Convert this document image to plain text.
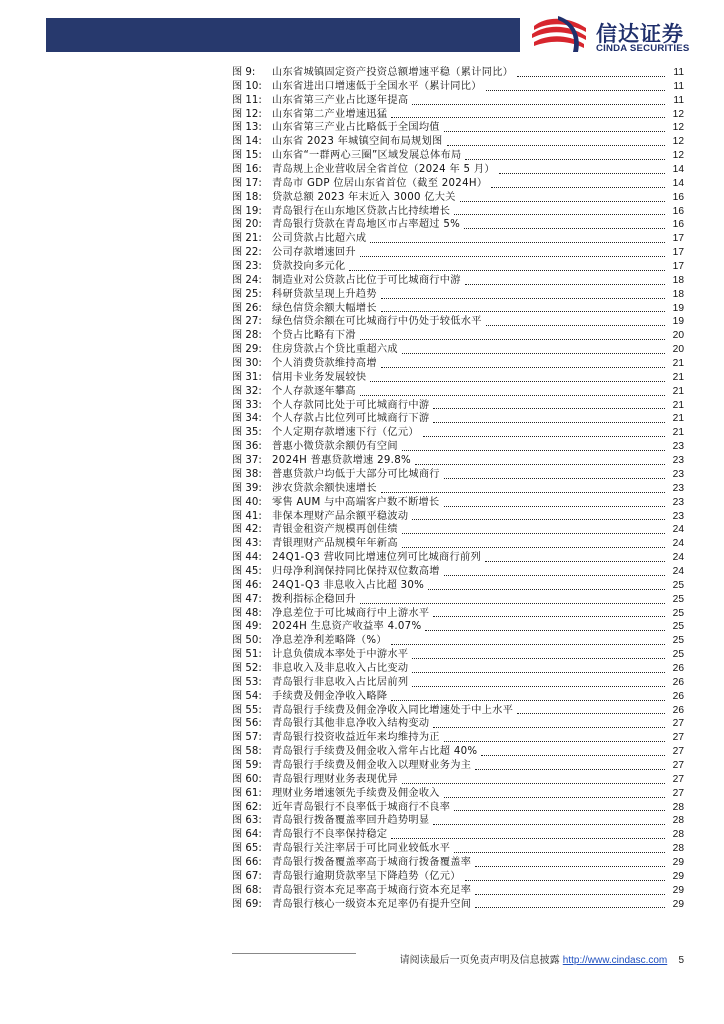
信达证券
CINDA SECURITIES
图 9: 山东省城镇固定资产投资总额增速平稳（累计同比）	11
图 10: 山东省进出口增速低于全国水平（累计同比）	11
图 11: 山东省第三产业占比逐年提高	11
图 12: 山东省第二产业增速迅猛	12
图 13: 山东省第三产业占比略低于全国均值	12
图 14: 山东省 2023 年城镇空间布局规划图	12
图 15: 山东省“一群两心三圈”区域发展总体布局	12
图 16: 青岛规上企业营收居全省首位（2024 年 5 月）	14
图 17: 青岛市 GDP 位居山东省首位（截至 2024H）	14
图 18: 贷款总额 2023 年末近入 3000 亿大关	16
图 19: 青岛银行在山东地区贷款占比持续增长	16
图 20: 青岛银行贷款在青岛地区市占率超过 5%	16
图 21: 公司贷款占比超六成	17
图 22: 公司存款增速回升	17
图 23: 贷款投向多元化	17
图 24: 制造业对公贷款占比位于可比城商行中游	18
图 25: 科研贷款呈现上升趋势	18
图 26: 绿色信贷余额大幅增长	19
图 27: 绿色信贷余额在可比城商行中仍处于较低水平	19
图 28: 个贷占比略有下滑	20
图 29: 住房贷款占个贷比重超六成	20
图 30: 个人消费贷款维持高增	21
图 31: 信用卡业务发展较快	21
图 32: 个人存款逐年攀高	21
图 33: 个人存款同比处于可比城商行中游	21
图 34: 个人存款占比位列可比城商行下游	21
图 35: 个人定期存款增速下行（亿元）	21
图 36: 普惠小微贷款余额仍有空间	23
图 37: 2024H 普惠贷款增速 29.8%	23
图 38: 普惠贷款户均低于大部分可比城商行	23
图 39: 涉农贷款余额快速增长	23
图 40: 零售 AUM 与中高端客户数不断增长	23
图 41: 非保本理财产品余额平稳波动	23
图 42: 青银金租资产规模再创佳绩	24
图 43: 青银理财产品规模年年新高	24
图 44: 24Q1-Q3 营收同比增速位列可比城商行前列	24
图 45: 归母净利润保持同比保持双位数高增	24
图 46: 24Q1-Q3 非息收入占比超 30%	25
图 47: 拨利指标企稳回升	25
图 48: 净息差位于可比城商行中上游水平	25
图 49: 2024H 生息资产收益率 4.07%	25
图 50: 净息差净利差略降（%）	25
图 51: 计息负债成本率处于中游水平	25
图 52: 非息收入及非息收入占比变动	26
图 53: 青岛银行非息收入占比居前列	26
图 54: 手续费及佣金净收入略降	26
图 55: 青岛银行手续费及佣金净收入同比增速处于中上水平	26
图 56: 青岛银行其他非息净收入结构变动	27
图 57: 青岛银行投资收益近年来均维持为正	27
图 58: 青岛银行手续费及佣金收入常年占比超 40%	27
图 59: 青岛银行手续费及佣金收入以理财业务为主	27
图 60: 青岛银行理财业务表现优异	27
图 61: 理财业务增速领先手续费及佣金收入	27
图 62: 近年青岛银行不良率低于城商行不良率	28
图 63: 青岛银行拨备覆盖率回升趋势明显	28
图 64: 青岛银行不良率保持稳定	28
图 65: 青岛银行关注率居于可比同业较低水平	28
图 66: 青岛银行拨备覆盖率高于城商行拨备覆盖率	29
图 67: 青岛银行逾期贷款率呈下降趋势（亿元）	29
图 68: 青岛银行资本充足率高于城商行资本充足率	29
图 69: 青岛银行核心一级资本充足率仍有提升空间	29
请阅读最后一页免责声明及信息披露 http://www.cindasc.com 5
